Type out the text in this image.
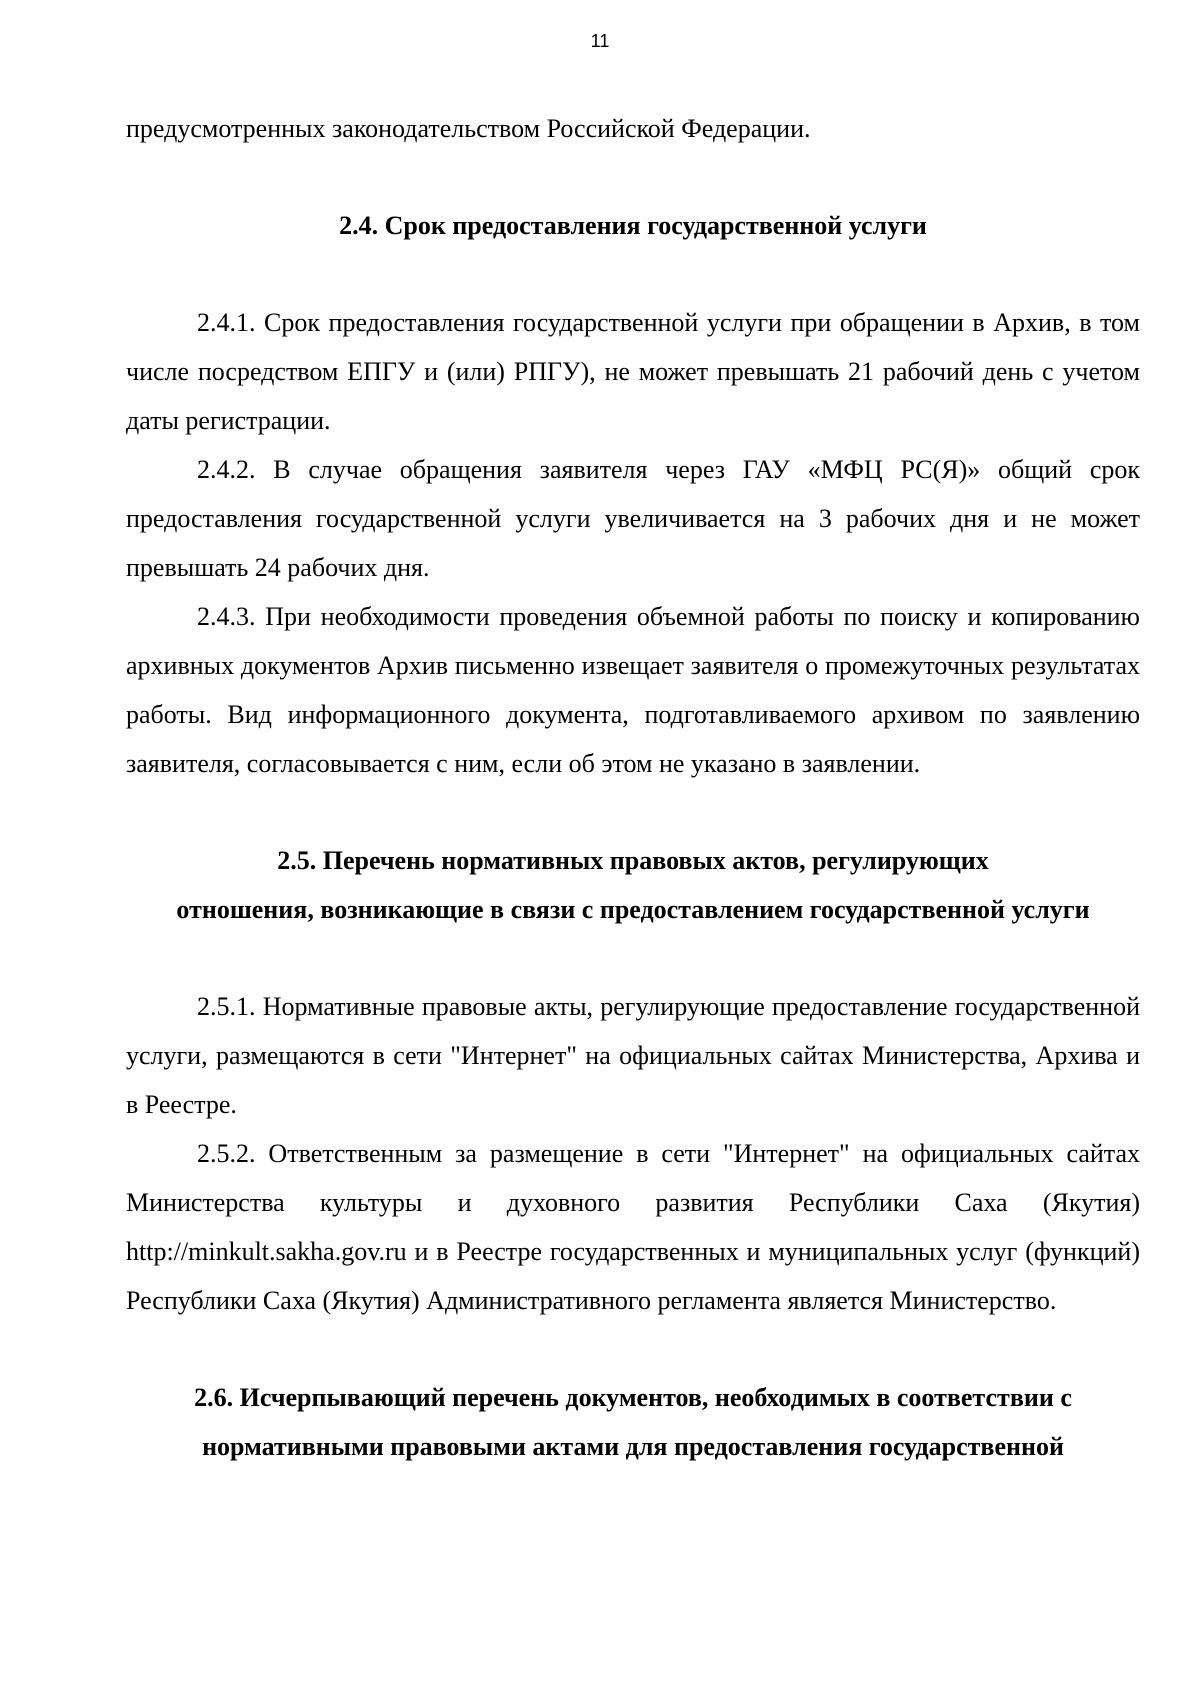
11

предусмотренных законодательством Российской Федерации.

2.4. Срок предоставления государственной услуги

2.4.1. Срок предоставления государственной услуги при обращении в Архив, в том числе посредством ЕПГУ и (или) РПГУ), не может превышать 21 рабочий день с учетом даты регистрации.

2.4.2. В случае обращения заявителя через ГАУ «МФЦ РС(Я)» общий срок предоставления государственной услуги увеличивается на 3 рабочих дня и не может превышать 24 рабочих дня.

2.4.3. При необходимости проведения объемной работы по поиску и копированию архивных документов Архив письменно извещает заявителя о промежуточных результатах работы. Вид информационного документа, подготавливаемого архивом по заявлению заявителя, согласовывается с ним, если об этом не указано в заявлении.

2.5. Перечень нормативных правовых актов, регулирующих
отношения, возникающие в связи с предоставлением государственной услуги

2.5.1. Нормативные правовые акты, регулирующие предоставление государственной услуги, размещаются в сети "Интернет" на официальных сайтах Министерства, Архива и в Реестре.

2.5.2. Ответственным за размещение в сети "Интернет" на официальных сайтах Министерства культуры и духовного развития Республики Саха (Якутия) http://minkult.sakha.gov.ru и в Реестре государственных и муниципальных услуг (функций) Республики Саха (Якутия) Административного регламента является Министерство.

2.6. Исчерпывающий перечень документов, необходимых в соответствии с
нормативными правовыми актами для предоставления государственной
